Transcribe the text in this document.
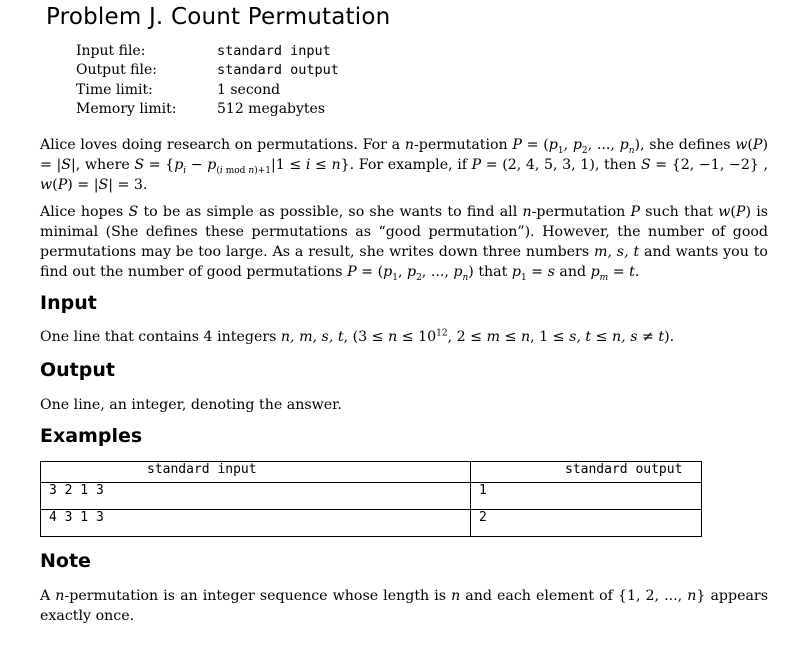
Problem J. Count Permutation
Input file:	standard input
Output file:	standard output
Time limit:	1 second
Memory limit:	512 megabytes
Alice loves doing research on permutations. For a n-permutation $P = (p_1$, $p_2$, ..., $p_n$), she defines w(P) = |S|, where $S = \{p_i - p_{(i mod n)+1}|1 \le i \le n\}$. For example, if P = (2, 4, 5, 3, 1), then S = {2, −1, −2} , w(P) = |S| = 3.
Alice hopes S to be as simple as possible, so she wants to find all n-permutation P such that w(P) is minimal (She defines these permutations as “good permutation”). However, the number of good permutations may be too large. As a result, she writes down three numbers m, s, t and wants you to find out the number of good permutations $P = (p_1$, $p_2$, ..., $p_n$) that $p_1 = s$ and $p_m = t$.
Input
One line that contains 4 integers n, m, s, t, ($3 \le n \le 10^{12}$, 2 ≤ m ≤ n, 1 ≤ s, t ≤ n, s ≠ t).
Output
One line, an integer, denoting the answer.
Examples
standard input	standard output
3 2 1 3	1
4 3 1 3	2
Note
A n-permutation is an integer sequence whose length is n and each element of {1, 2, ..., n} appears exactly once.
